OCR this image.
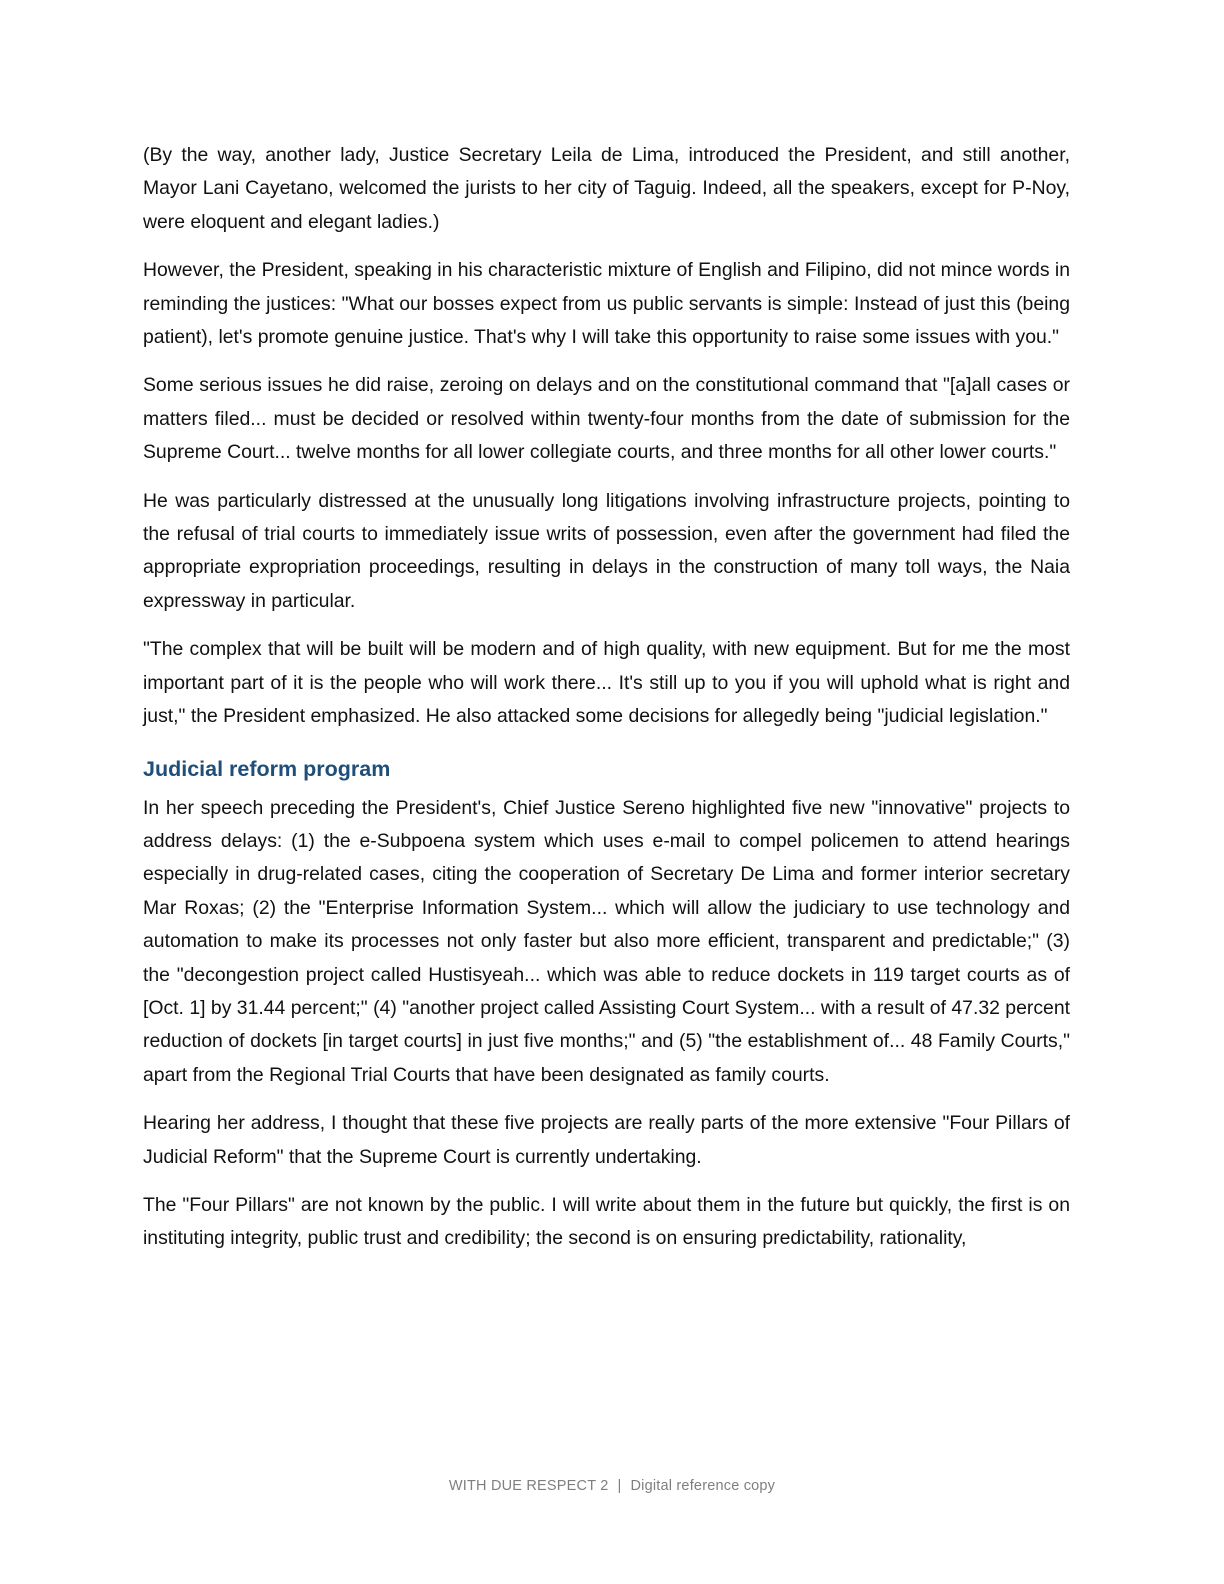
(By the way, another lady, Justice Secretary Leila de Lima, introduced the President, and still another, Mayor Lani Cayetano, welcomed the jurists to her city of Taguig. Indeed, all the speakers, except for P-Noy, were eloquent and elegant ladies.)

However, the President, speaking in his characteristic mixture of English and Filipino, did not mince words in reminding the justices: "What our bosses expect from us public servants is simple: Instead of just this (being patient), let's promote genuine justice. That's why I will take this opportunity to raise some issues with you."

Some serious issues he did raise, zeroing on delays and on the constitutional command that "[a]all cases or matters filed... must be decided or resolved within twenty-four months from the date of submission for the Supreme Court... twelve months for all lower collegiate courts, and three months for all other lower courts."

He was particularly distressed at the unusually long litigations involving infrastructure projects, pointing to the refusal of trial courts to immediately issue writs of possession, even after the government had filed the appropriate expropriation proceedings, resulting in delays in the construction of many toll ways, the Naia expressway in particular.

"The complex that will be built will be modern and of high quality, with new equipment. But for me the most important part of it is the people who will work there... It's still up to you if you will uphold what is right and just," the President emphasized. He also attacked some decisions for allegedly being "judicial legislation."

Judicial reform program

In her speech preceding the President's, Chief Justice Sereno highlighted five new "innovative" projects to address delays: (1) the e-Subpoena system which uses e-mail to compel policemen to attend hearings especially in drug-related cases, citing the cooperation of Secretary De Lima and former interior secretary Mar Roxas; (2) the "Enterprise Information System... which will allow the judiciary to use technology and automation to make its processes not only faster but also more efficient, transparent and predictable;" (3) the "decongestion project called Hustisyeah... which was able to reduce dockets in 119 target courts as of [Oct. 1] by 31.44 percent;" (4) "another project called Assisting Court System... with a result of 47.32 percent reduction of dockets [in target courts] in just five months;" and (5) "the establishment of... 48 Family Courts," apart from the Regional Trial Courts that have been designated as family courts.

Hearing her address, I thought that these five projects are really parts of the more extensive "Four Pillars of Judicial Reform" that the Supreme Court is currently undertaking.

The "Four Pillars" are not known by the public. I will write about them in the future but quickly, the first is on instituting integrity, public trust and credibility; the second is on ensuring predictability, rationality,

WITH DUE RESPECT 2 | Digital reference copy
